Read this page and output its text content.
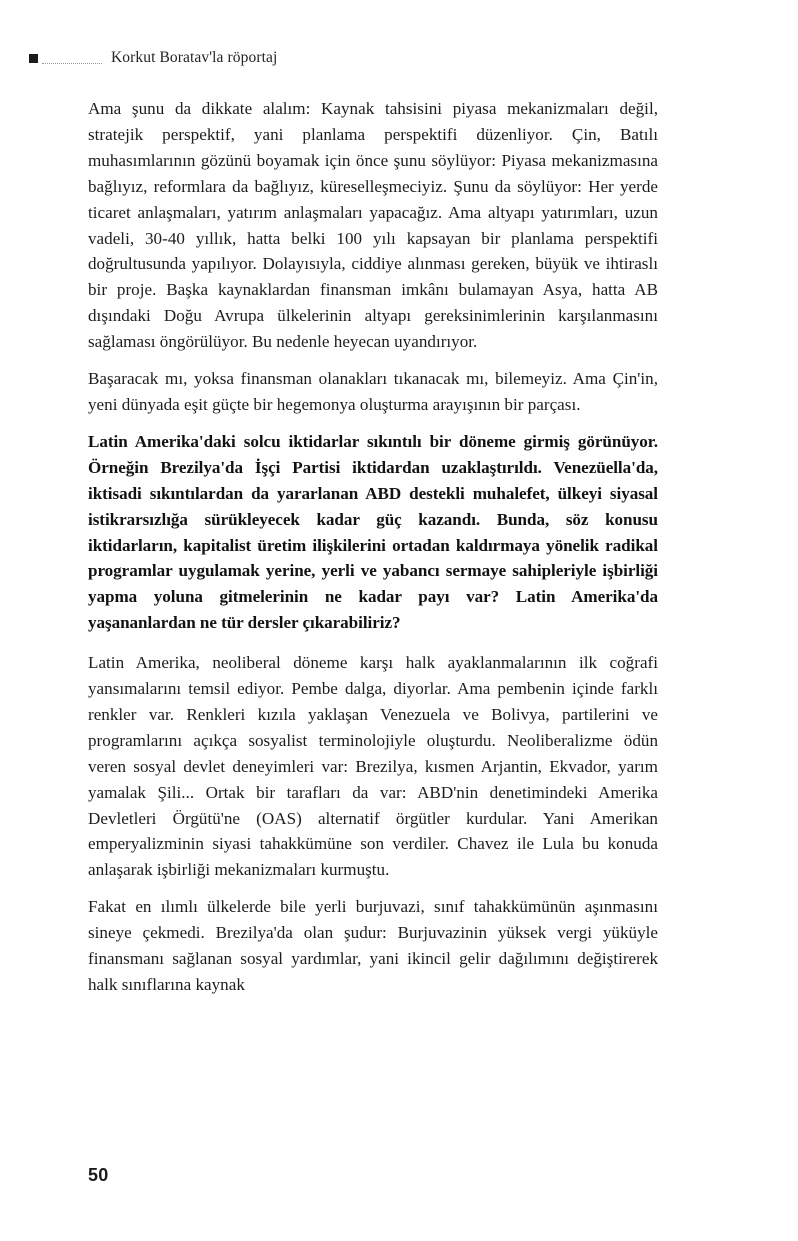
Korkut Boratav'la röportaj

Ama şunu da dikkate alalım: Kaynak tahsisini piyasa mekanizmaları değil, stratejik perspektif, yani planlama perspektifi düzenliyor. Çin, Batılı muhasımlarının gözünü boyamak için önce şunu söylüyor: Piyasa mekanizmasına bağlıyız, reformlara da bağlıyız, küreselleşmeciyiz. Şunu da söylüyor: Her yerde ticaret anlaşmaları, yatırım anlaşmaları yapacağız. Ama altyapı yatırımları, uzun vadeli, 30-40 yıllık, hatta belki 100 yılı kapsayan bir planlama perspektifi doğrultusunda yapılıyor. Dolayısıyla, ciddiye alınması gereken, büyük ve ihtiraslı bir proje. Başka kaynaklardan finansman imkânı bulamayan Asya, hatta AB dışındaki Doğu Avrupa ülkelerinin altyapı gereksinimlerinin karşılanmasını sağlaması öngörülüyor. Bu nedenle heyecan uyandırıyor.

Başaracak mı, yoksa finansman olanakları tıkanacak mı, bilemeyiz. Ama Çin'in, yeni dünyada eşit güçte bir hegemonya oluşturma arayışının bir parçası.

Latin Amerika'daki solcu iktidarlar sıkıntılı bir döneme girmiş görünüyor. Örneğin Brezilya'da İşçi Partisi iktidardan uzaklaştırıldı. Venezüella'da, iktisadi sıkıntılardan da yararlanan ABD destekli muhalefet, ülkeyi siyasal istikrarsızlığa sürükleyecek kadar güç kazandı. Bunda, söz konusu iktidarların, kapitalist üretim ilişkilerini ortadan kaldırmaya yönelik radikal programlar uygulamak yerine, yerli ve yabancı sermaye sahipleriyle işbirliği yapma yoluna gitmelerinin ne kadar payı var? Latin Amerika'da yaşananlardan ne tür dersler çıkarabiliriz?

Latin Amerika, neoliberal döneme karşı halk ayaklanmalarının ilk coğrafi yansımalarını temsil ediyor. Pembe dalga, diyorlar. Ama pembenin içinde farklı renkler var. Renkleri kızıla yaklaşan Venezuela ve Bolivya, partilerini ve programlarını açıkça sosyalist terminolojiyle oluşturdu. Neoliberalizme ödün veren sosyal devlet deneyimleri var: Brezilya, kısmen Arjantin, Ekvador, yarım yamalak Şili... Ortak bir tarafları da var: ABD'nin denetimindeki Amerika Devletleri Örgütü'ne (OAS) alternatif örgütler kurdular. Yani Amerikan emperyalizminin siyasi tahakkümüne son verdiler. Chavez ile Lula bu konuda anlaşarak işbirliği mekanizmaları kurmuştu.

Fakat en ılımlı ülkelerde bile yerli burjuvazi, sınıf tahakkümünün aşınmasını sineye çekmedi. Brezilya'da olan şudur: Burjuvazinin yüksek vergi yüküyle finansmanı sağlanan sosyal yardımlar, yani ikincil gelir dağılımını değiştirerek halk sınıflarına kaynak

50
